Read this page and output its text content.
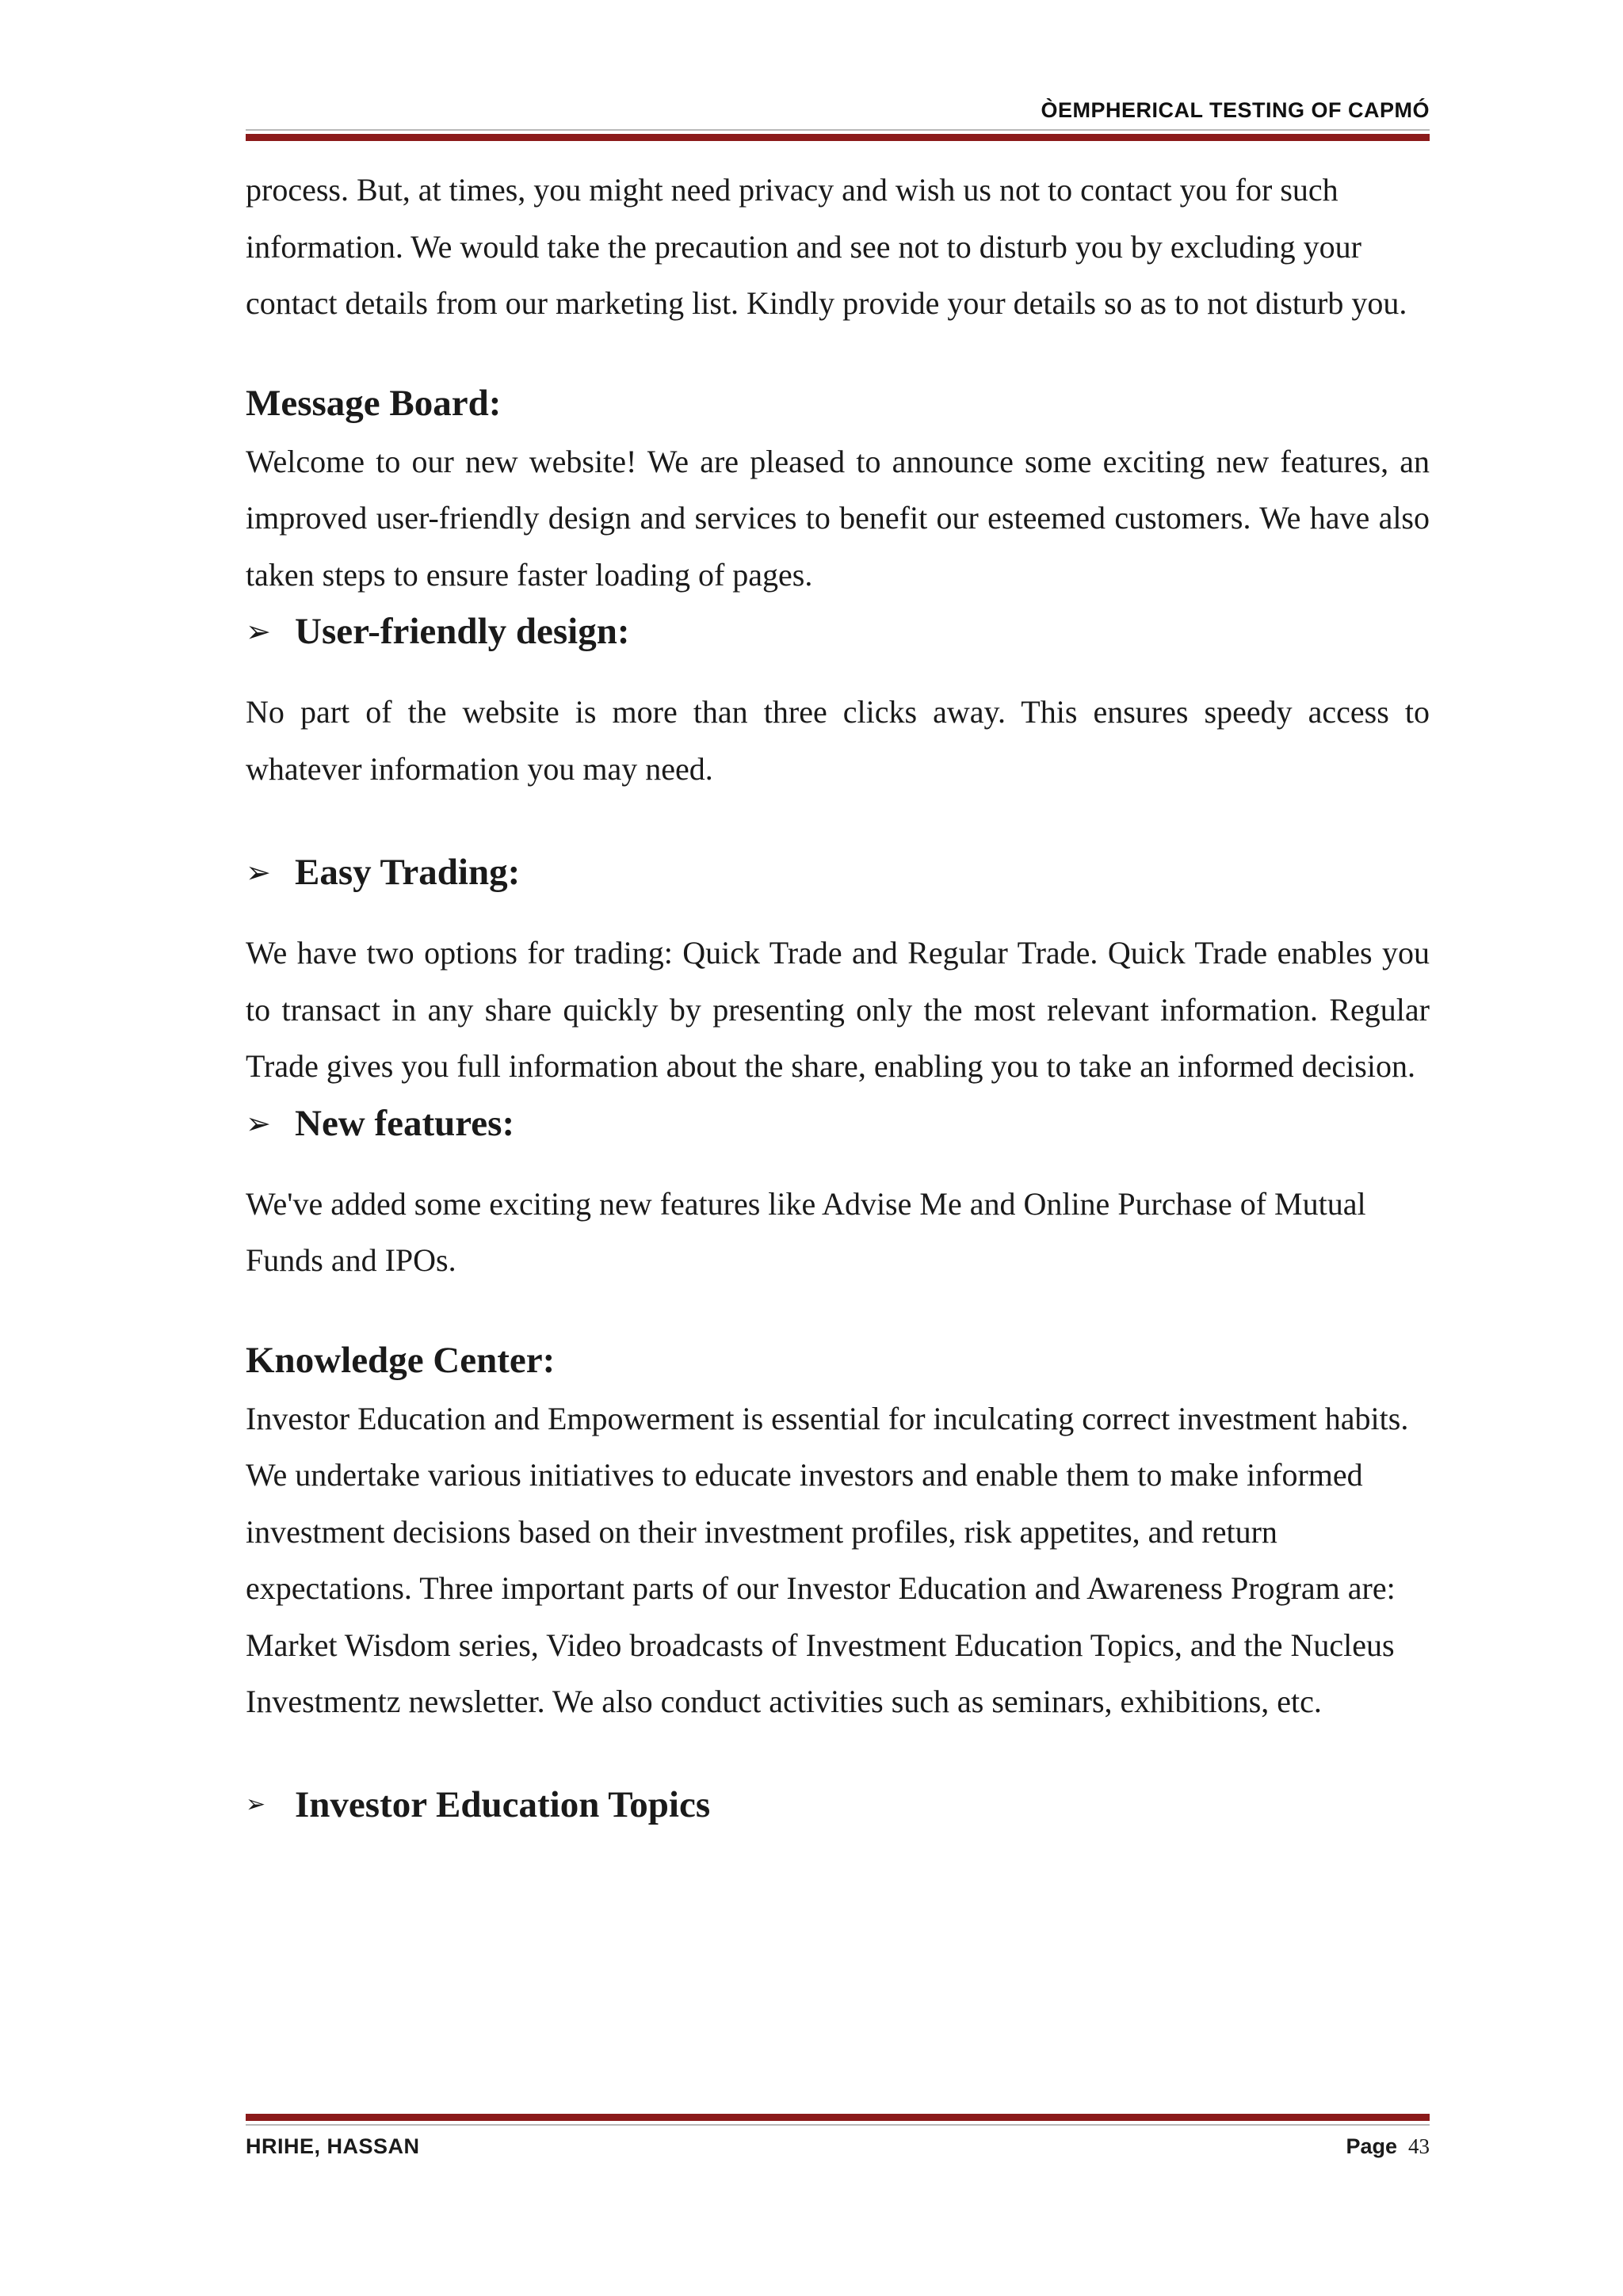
ÒEMPHERICAL TESTING OF CAPMÓ

process. But, at times, you might need privacy and wish us not to contact you for such information. We would take the precaution and see not to disturb you by excluding your contact details from our marketing list. Kindly provide your details so as to not disturb you.

Message Board:

Welcome to our new website! We are pleased to announce some exciting new features, an improved user-friendly design and services to benefit our esteemed customers. We have also taken steps to ensure faster loading of pages.

➢ User-friendly design:

No part of the website is more than three clicks away. This ensures speedy access to whatever information you may need.

➢ Easy Trading:

We have two options for trading: Quick Trade and Regular Trade. Quick Trade enables you to transact in any share quickly by presenting only the most relevant information. Regular Trade gives you full information about the share, enabling you to take an informed decision.

➢ New features:

We've added some exciting new features like Advise Me and Online Purchase of Mutual Funds and IPOs.

Knowledge Center:

Investor Education and Empowerment is essential for inculcating correct investment habits. We undertake various initiatives to educate investors and enable them to make informed investment decisions based on their investment profiles, risk appetites, and return expectations. Three important parts of our Investor Education and Awareness Program are: Market Wisdom series, Video broadcasts of Investment Education Topics, and the Nucleus Investmentz newsletter. We also conduct activities such as seminars, exhibitions, etc.

➢ Investor Education Topics
HRIHE, HASSAN	Page 43
